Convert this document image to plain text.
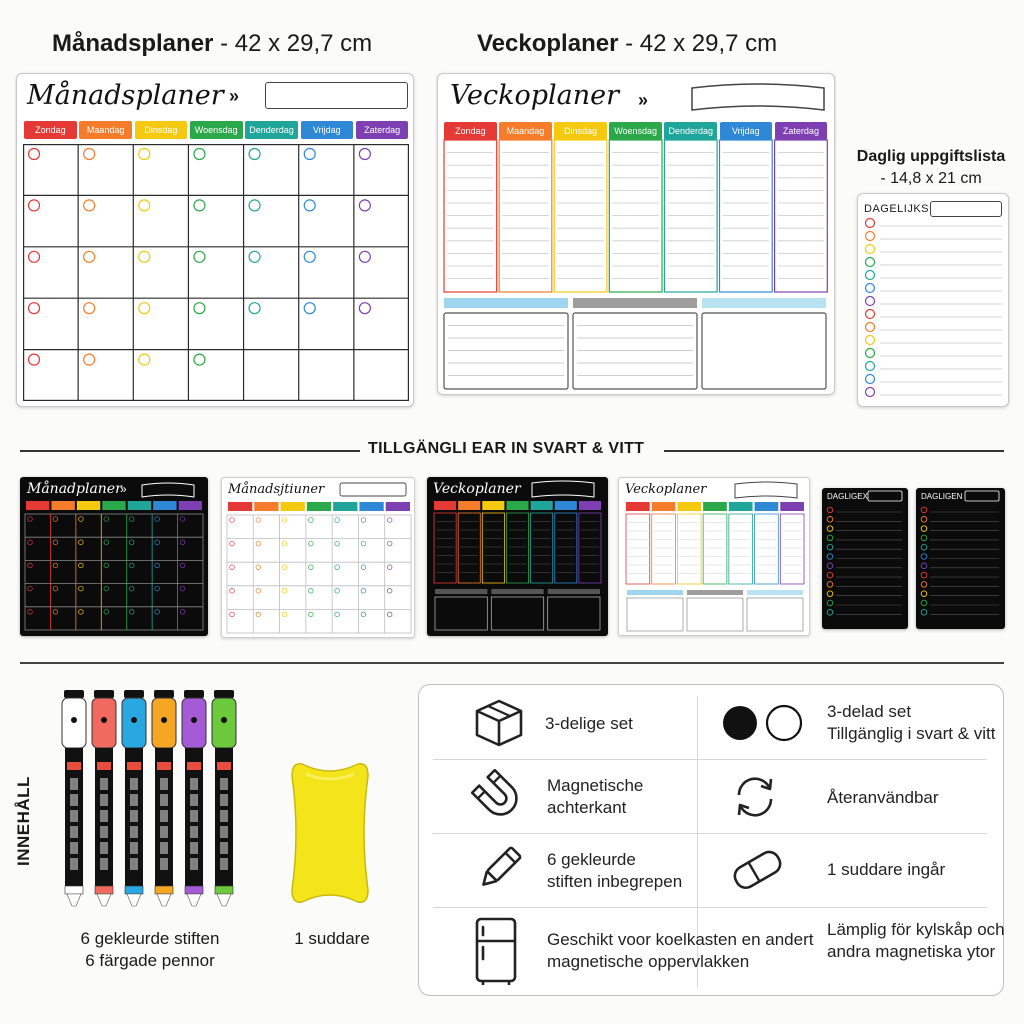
Månadsplaner - 42 x 29,7 cm	Veckoplaner - 42 x 29,7 cm
Daglig uppgiftslista
- 14,8 x 21 cm
Månadsplaner »
Zondag	Maandag	Dinsdag	Woensdag	Denderdag	Vrijdag	Zaterdag
Veckoplaner »
Zondag	Maandag	Dinsdag	Woensdag	Denderdag	Vrijdag	Zaterdag
DAGELIJKS
TILLGÄNGLI EAR IN SVART & VITT
Månadplaner
»	Månadsjtiuner	Veckoplaner	Veckoplaner	DAGLIGEX	DAGLIGEN
INNEHÅLL
6 gekleurde stiften
6 färgade pennor
1 suddare
3-delige set
3-delad set
Tillgänglig i svart & vitt
Magnetische
achterkant
Återanvändbar
6 gekleurde
stiften inbegrepen
1 suddare ingår
Geschikt voor koelkasten en andert
magnetische oppervlakken
Lämplig för kylskåp och
andra magnetiska ytor
